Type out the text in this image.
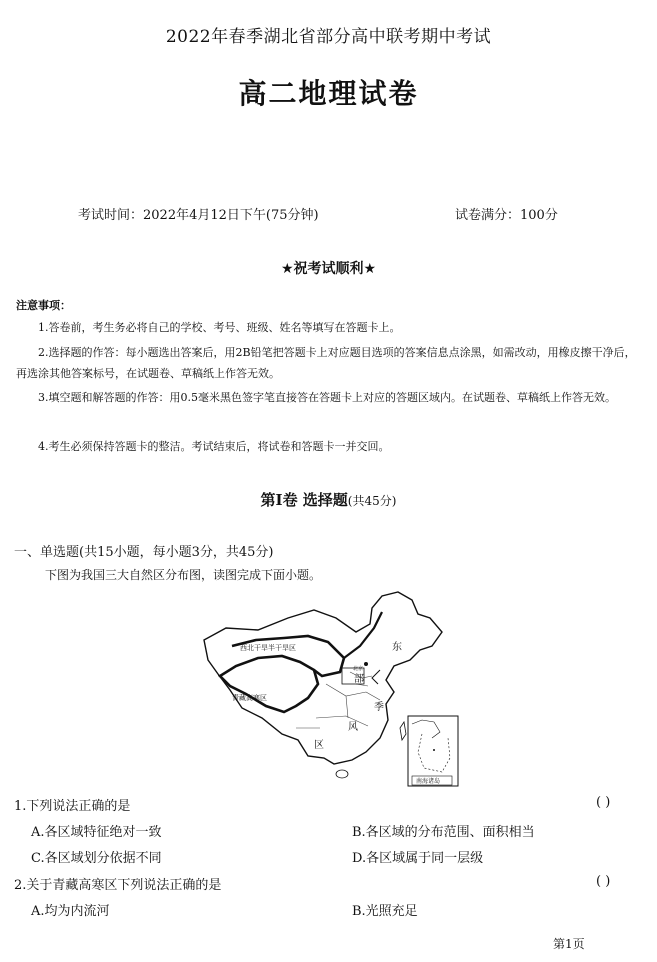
2022年春季湖北省部分高中联考期中考试
高二地理试卷
考试时间：2022年4月12日下午(75分钟)	试卷满分：100分
★祝考试顺利★
注意事项：
1.答卷前，考生务必将自己的学校、考号、班级、姓名等填写在答题卡上。
2.选择题的作答：每小题选出答案后，用2B铅笔把答题卡上对应题目选项的答案信息点涂黑，如需改动，用橡皮擦干净后，再选涂其他答案标号，在试题卷、草稿纸上作答无效。
3.填空题和解答题的作答：用0.5毫米黑色签字笔直接答在答题卡上对应的答题区域内。在试题卷、草稿纸上作答无效。
4.考生必须保持答题卡的整洁。考试结束后，将试卷和答题卡一并交回。
第Ⅰ卷 选择题(共45分)
一、单选题(共15小题，每小题3分，共45分)
下图为我国三大自然区分布图，读图完成下面小题。
西北干旱半干旱区
青藏高寒区
北京
东
部
季
风
区
南海诸岛
1.下列说法正确的是	( )
A.各区域特征绝对一致	B.各区域的分布范围、面积相当
C.各区域划分依据不同	D.各区域属于同一层级
2.关于青藏高寒区下列说法正确的是	( )
A.均为内流河	B.光照充足
第1页
